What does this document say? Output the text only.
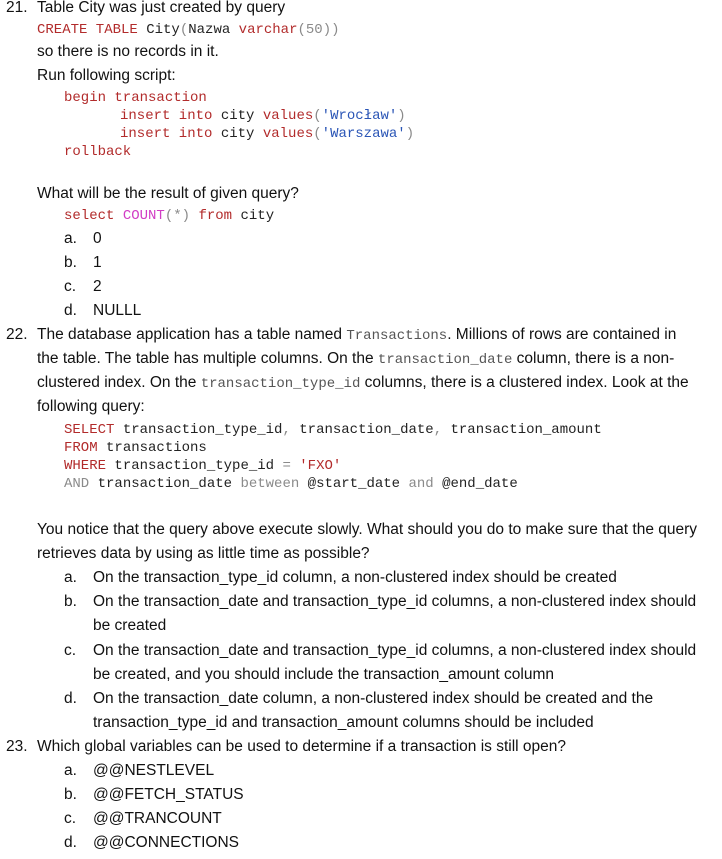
21. Table City was just created by query
CREATE TABLE City(Nazwa varchar(50))
so there is no records in it.
Run following script:
begin transaction
insert into city values('Wrocław')
insert into city values('Warszawa')
rollback
What will be the result of given query?
select COUNT(*) from city
a. 0
b. 1
c. 2
d. NULLL
22. The database application has a table named Transactions. Millions of rows are contained in
the table. The table has multiple columns. On the transaction_date column, there is a non-
clustered index. On the transaction_type_id columns, there is a clustered index. Look at the
following query:
SELECT transaction_type_id, transaction_date, transaction_amount
FROM transactions
WHERE transaction_type_id = 'FXO'
AND transaction_date between @start_date and @end_date
You notice that the query above execute slowly. What should you do to make sure that the query
retrieves data by using as little time as possible?
a. On the transaction_type_id column, a non-clustered index should be created
b. On the transaction_date and transaction_type_id columns, a non-clustered index should
be created
c. On the transaction_date and transaction_type_id columns, a non-clustered index should
be created, and you should include the transaction_amount column
d. On the transaction_date column, a non-clustered index should be created and the
transaction_type_id and transaction_amount columns should be included
23. Which global variables can be used to determine if a transaction is still open?
a. @@NESTLEVEL
b. @@FETCH_STATUS
c. @@TRANCOUNT
d. @@CONNECTIONS
